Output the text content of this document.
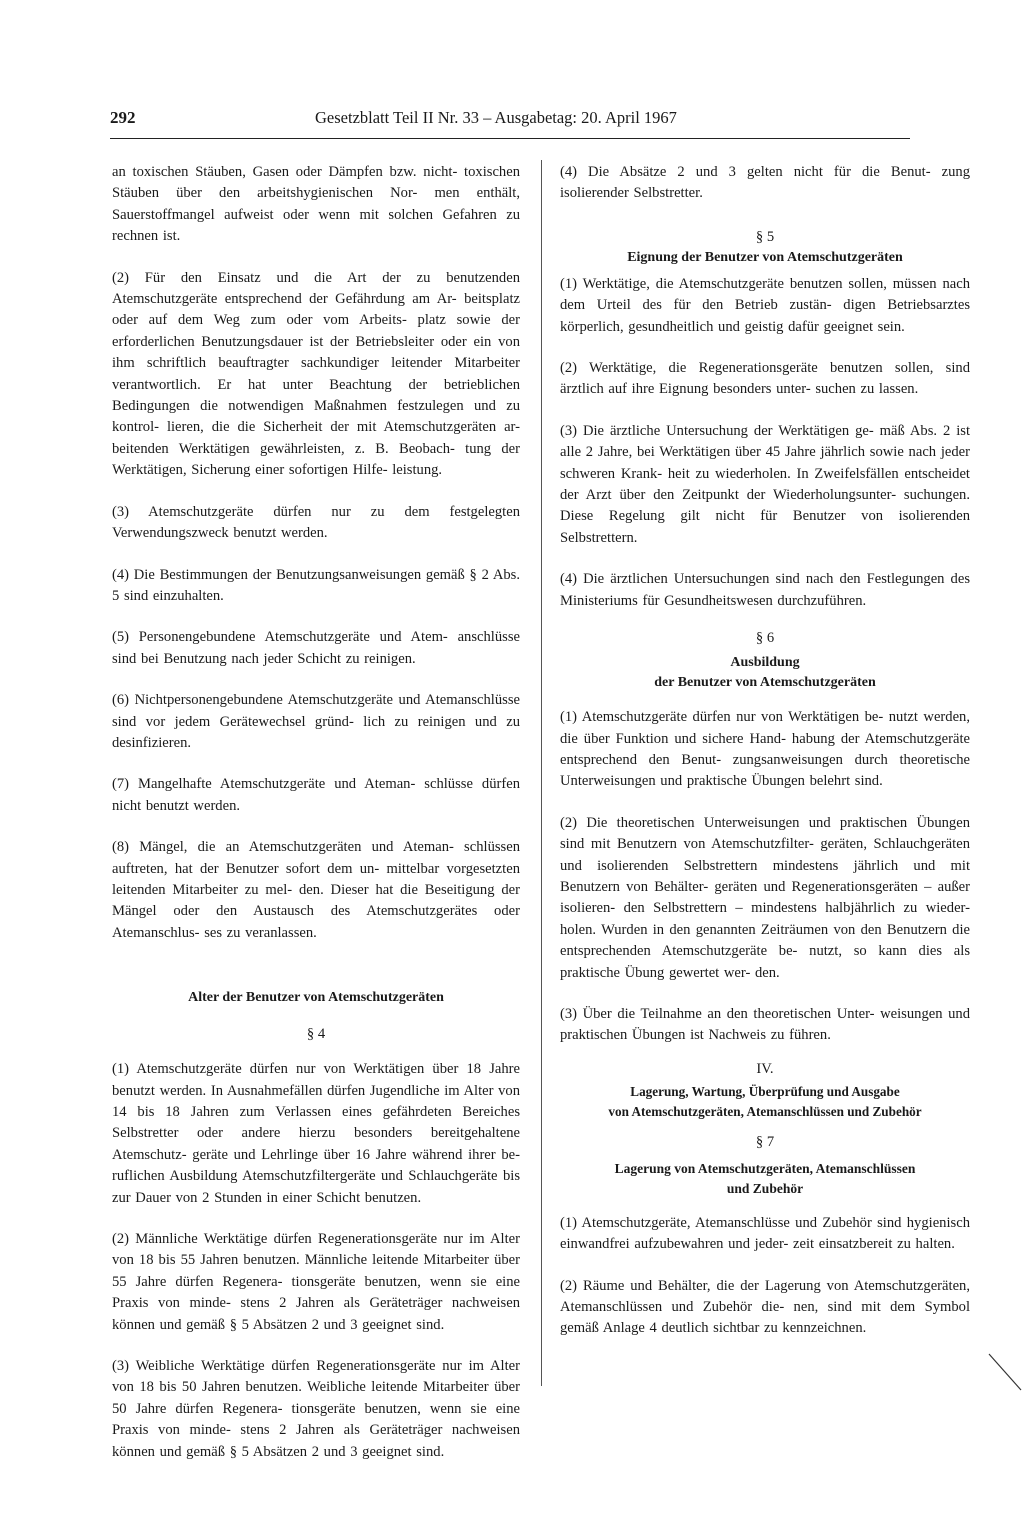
292	Gesetzblatt Teil II Nr. 33 – Ausgabetag: 20. April 1967

an toxischen Stäuben, Gasen oder Dämpfen bzw. nicht- toxischen Stäuben über den arbeitshygienischen Nor- men enthält, Sauerstoffmangel aufweist oder wenn mit solchen Gefahren zu rechnen ist.

(2) Für den Einsatz und die Art der zu benutzenden Atemschutzgeräte entsprechend der Gefährdung am Ar- beitsplatz oder auf dem Weg zum oder vom Arbeits- platz sowie der erforderlichen Benutzungsdauer ist der Betriebsleiter oder ein von ihm schriftlich beauftragter sachkundiger leitender Mitarbeiter verantwortlich. Er hat unter Beachtung der betrieblichen Bedingungen die notwendigen Maßnahmen festzulegen und zu kontrol- lieren, die die Sicherheit der mit Atemschutzgeräten ar- beitenden Werktätigen gewährleisten, z. B. Beobach- tung der Werktätigen, Sicherung einer sofortigen Hilfe- leistung.

(3) Atemschutzgeräte dürfen nur zu dem festgelegten Verwendungszweck benutzt werden.

(4) Die Bestimmungen der Benutzungsanweisungen gemäß § 2 Abs. 5 sind einzuhalten.

(5) Personengebundene Atemschutzgeräte und Atem- anschlüsse sind bei Benutzung nach jeder Schicht zu reinigen.

(6) Nichtpersonengebundene Atemschutzgeräte und Atemanschlüsse sind vor jedem Gerätewechsel gründ- lich zu reinigen und zu desinfizieren.

(7) Mangelhafte Atemschutzgeräte und Ateman- schlüsse dürfen nicht benutzt werden.

(8) Mängel, die an Atemschutzgeräten und Ateman- schlüssen auftreten, hat der Benutzer sofort dem un- mittelbar vorgesetzten leitenden Mitarbeiter zu mel- den. Dieser hat die Beseitigung der Mängel oder den Austausch des Atemschutzgerätes oder Atemanschlus- ses zu veranlassen.

Alter der Benutzer von Atemschutzgeräten

§ 4

(1) Atemschutzgeräte dürfen nur von Werktätigen über 18 Jahre benutzt werden. In Ausnahmefällen dürfen Jugendliche im Alter von 14 bis 18 Jahren zum Verlassen eines gefährdeten Bereiches Selbstretter oder andere hierzu besonders bereitgehaltene Atemschutz- geräte und Lehrlinge über 16 Jahre während ihrer be- ruflichen Ausbildung Atemschutzfiltergeräte und Schlauchgeräte bis zur Dauer von 2 Stunden in einer Schicht benutzen.

(2) Männliche Werktätige dürfen Regenerationsgeräte nur im Alter von 18 bis 55 Jahren benutzen. Männliche leitende Mitarbeiter über 55 Jahre dürfen Regenera- tionsgeräte benutzen, wenn sie eine Praxis von minde- stens 2 Jahren als Geräteträger nachweisen können und gemäß § 5 Absätzen 2 und 3 geeignet sind.

(3) Weibliche Werktätige dürfen Regenerationsgeräte nur im Alter von 18 bis 50 Jahren benutzen. Weibliche leitende Mitarbeiter über 50 Jahre dürfen Regenera- tionsgeräte benutzen, wenn sie eine Praxis von minde- stens 2 Jahren als Geräteträger nachweisen können und gemäß § 5 Absätzen 2 und 3 geeignet sind.

(4) Die Absätze 2 und 3 gelten nicht für die Benut- zung isolierender Selbstretter.

§ 5

Eignung der Benutzer von Atemschutzgeräten

(1) Werktätige, die Atemschutzgeräte benutzen sollen, müssen nach dem Urteil des für den Betrieb zustän- digen Betriebsarztes körperlich, gesundheitlich und geistig dafür geeignet sein.

(2) Werktätige, die Regenerationsgeräte benutzen sollen, sind ärztlich auf ihre Eignung besonders unter- suchen zu lassen.

(3) Die ärztliche Untersuchung der Werktätigen ge- mäß Abs. 2 ist alle 2 Jahre, bei Werktätigen über 45 Jahre jährlich sowie nach jeder schweren Krank- heit zu wiederholen. In Zweifelsfällen entscheidet der Arzt über den Zeitpunkt der Wiederholungsunter- suchungen. Diese Regelung gilt nicht für Benutzer von isolierenden Selbstrettern.

(4) Die ärztlichen Untersuchungen sind nach den Festlegungen des Ministeriums für Gesundheitswesen durchzuführen.

§ 6

Ausbildung

der Benutzer von Atemschutzgeräten

(1) Atemschutzgeräte dürfen nur von Werktätigen be- nutzt werden, die über Funktion und sichere Hand- habung der Atemschutzgeräte entsprechend den Benut- zungsanweisungen durch theoretische Unterweisungen und praktische Übungen belehrt sind.

(2) Die theoretischen Unterweisungen und praktischen Übungen sind mit Benutzern von Atemschutzfilter- geräten, Schlauchgeräten und isolierenden Selbstrettern mindestens jährlich und mit Benutzern von Behälter- geräten und Regenerationsgeräten – außer isolieren- den Selbstrettern – mindestens halbjährlich zu wieder- holen. Wurden in den genannten Zeiträumen von den Benutzern die entsprechenden Atemschutzgeräte be- nutzt, so kann dies als praktische Übung gewertet wer- den.

(3) Über die Teilnahme an den theoretischen Unter- weisungen und praktischen Übungen ist Nachweis zu führen.

IV.

Lagerung, Wartung, Überprüfung und Ausgabe

von Atemschutzgeräten, Atemanschlüssen und Zubehör

§ 7

Lagerung von Atemschutzgeräten, Atemanschlüssen

und Zubehör

(1) Atemschutzgeräte, Atemanschlüsse und Zubehör sind hygienisch einwandfrei aufzubewahren und jeder- zeit einsatzbereit zu halten.

(2) Räume und Behälter, die der Lagerung von Atemschutzgeräten, Atemanschlüssen und Zubehör die- nen, sind mit dem Symbol gemäß Anlage 4 deutlich sichtbar zu kennzeichnen.
